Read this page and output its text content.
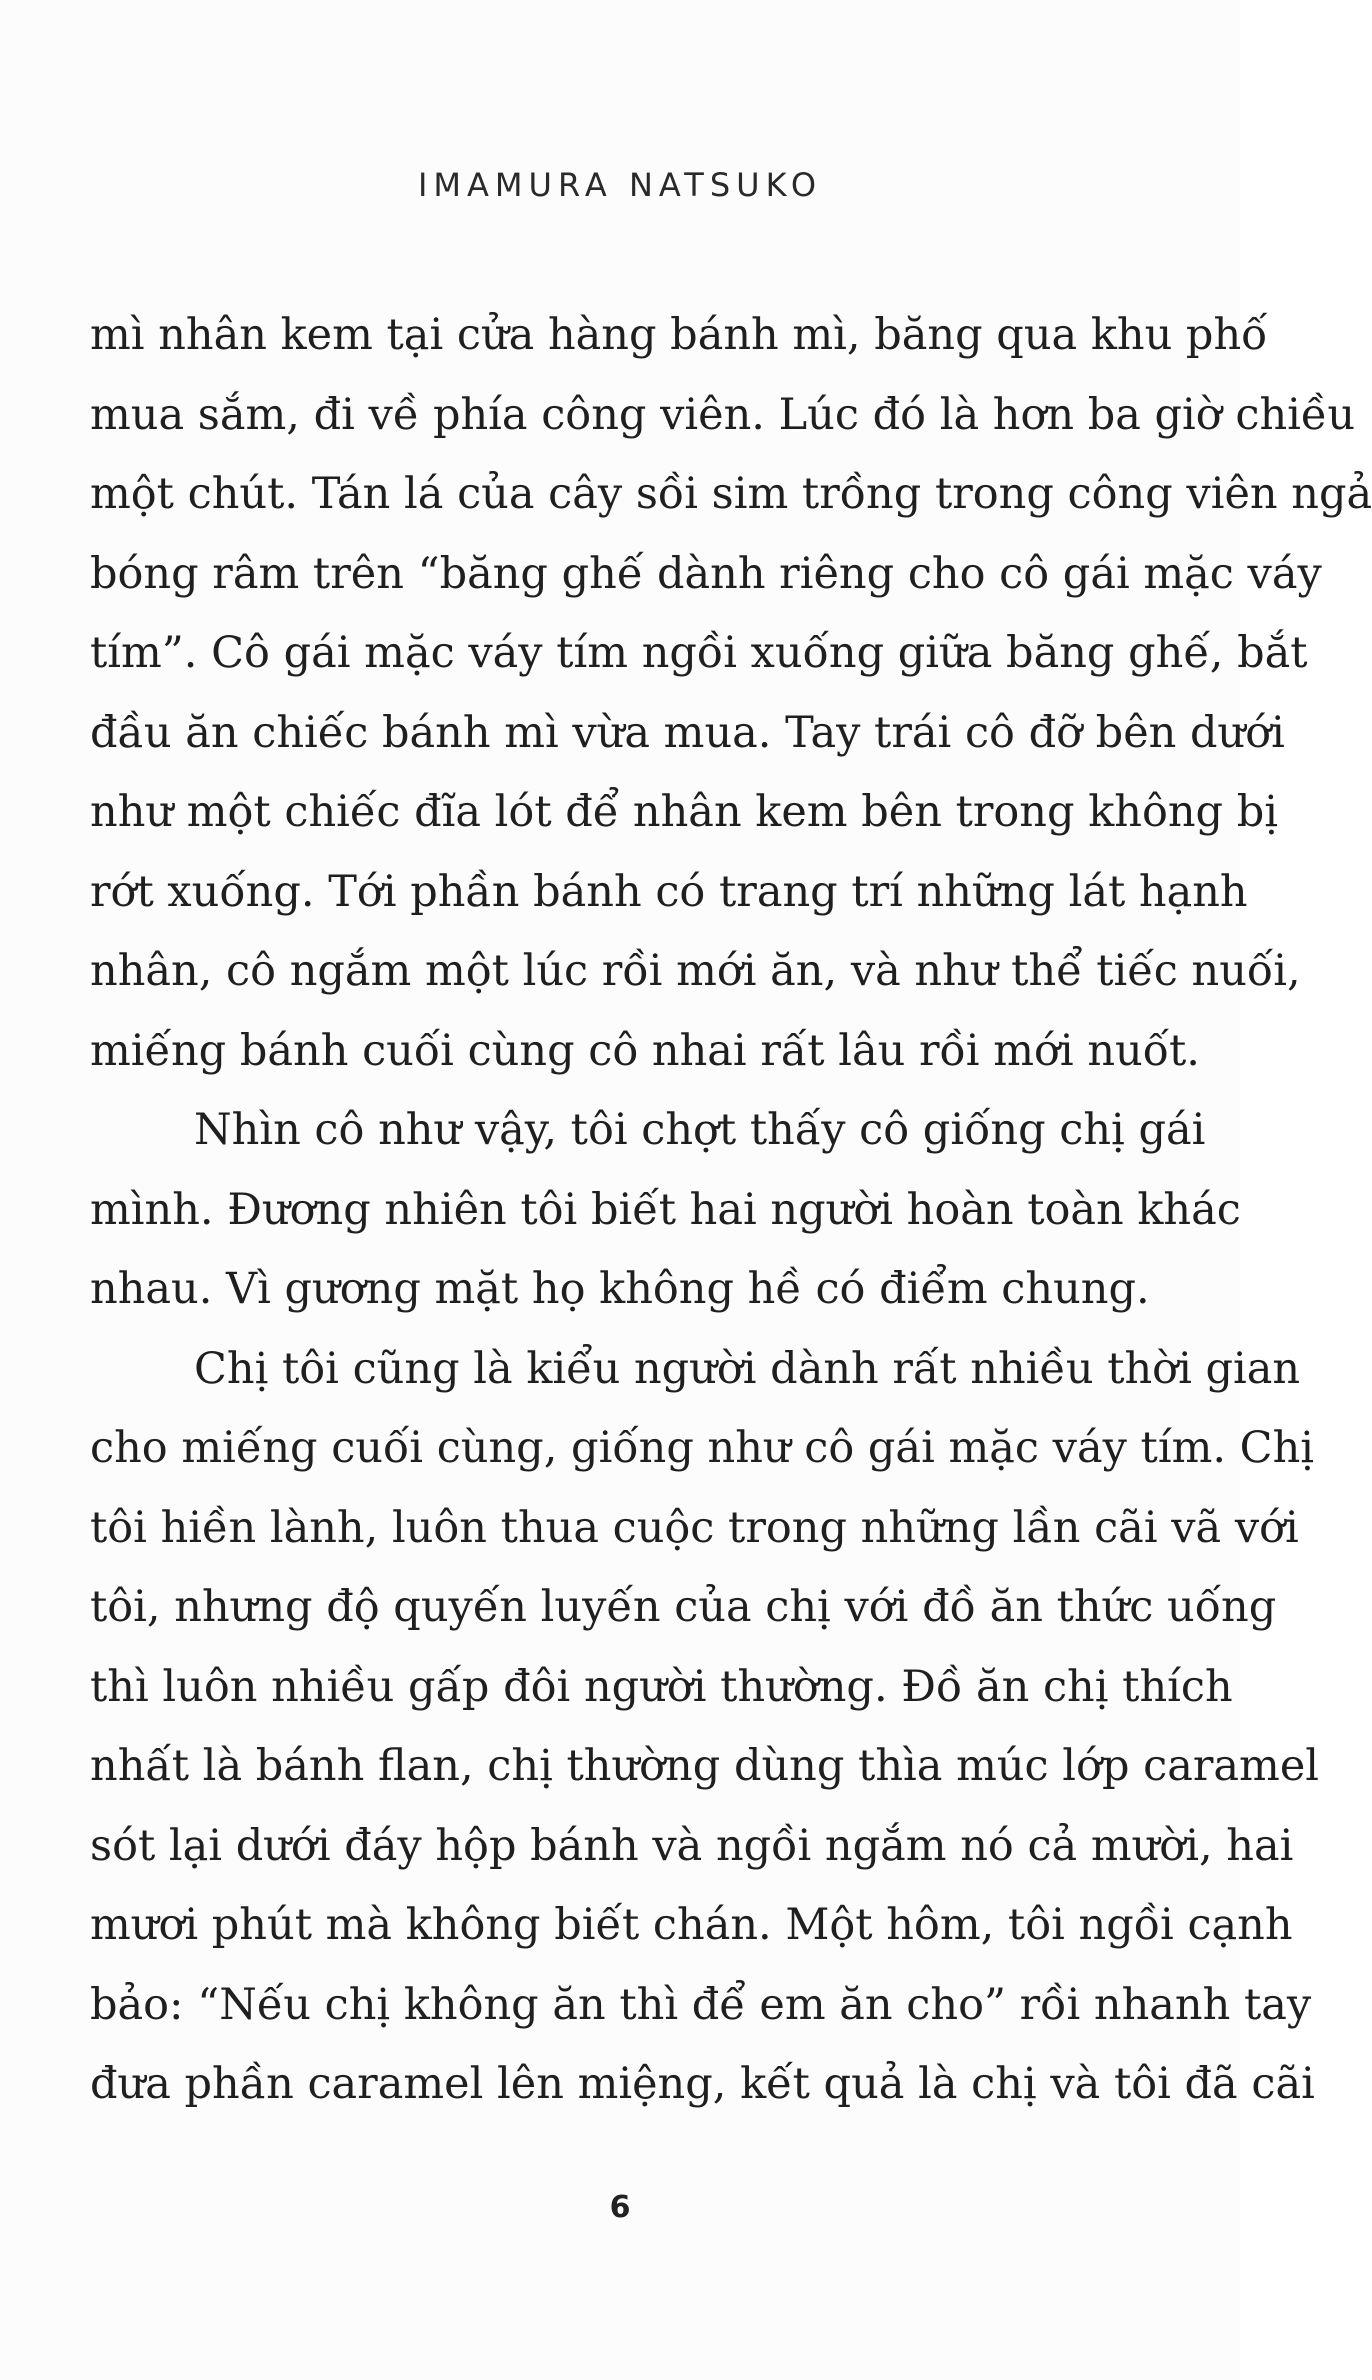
IMAMURA NATSUKO
mì nhân kem tại cửa hàng bánh mì, băng qua khu phố
mua sắm, đi về phía công viên. Lúc đó là hơn ba giờ chiều
một chút. Tán lá của cây sồi sim trồng trong công viên ngả
bóng râm trên “băng ghế dành riêng cho cô gái mặc váy
tím”. Cô gái mặc váy tím ngồi xuống giữa băng ghế, bắt
đầu ăn chiếc bánh mì vừa mua. Tay trái cô đỡ bên dưới
như một chiếc đĩa lót để nhân kem bên trong không bị
rớt xuống. Tới phần bánh có trang trí những lát hạnh
nhân, cô ngắm một lúc rồi mới ăn, và như thể tiếc nuối,
miếng bánh cuối cùng cô nhai rất lâu rồi mới nuốt.
Nhìn cô như vậy, tôi chợt thấy cô giống chị gái
mình. Đương nhiên tôi biết hai người hoàn toàn khác
nhau. Vì gương mặt họ không hề có điểm chung.
Chị tôi cũng là kiểu người dành rất nhiều thời gian
cho miếng cuối cùng, giống như cô gái mặc váy tím. Chị
tôi hiền lành, luôn thua cuộc trong những lần cãi vã với
tôi, nhưng độ quyến luyến của chị với đồ ăn thức uống
thì luôn nhiều gấp đôi người thường. Đồ ăn chị thích
nhất là bánh flan, chị thường dùng thìa múc lớp caramel
sót lại dưới đáy hộp bánh và ngồi ngắm nó cả mười, hai
mươi phút mà không biết chán. Một hôm, tôi ngồi cạnh
bảo: “Nếu chị không ăn thì để em ăn cho” rồi nhanh tay
đưa phần caramel lên miệng, kết quả là chị và tôi đã cãi
6
